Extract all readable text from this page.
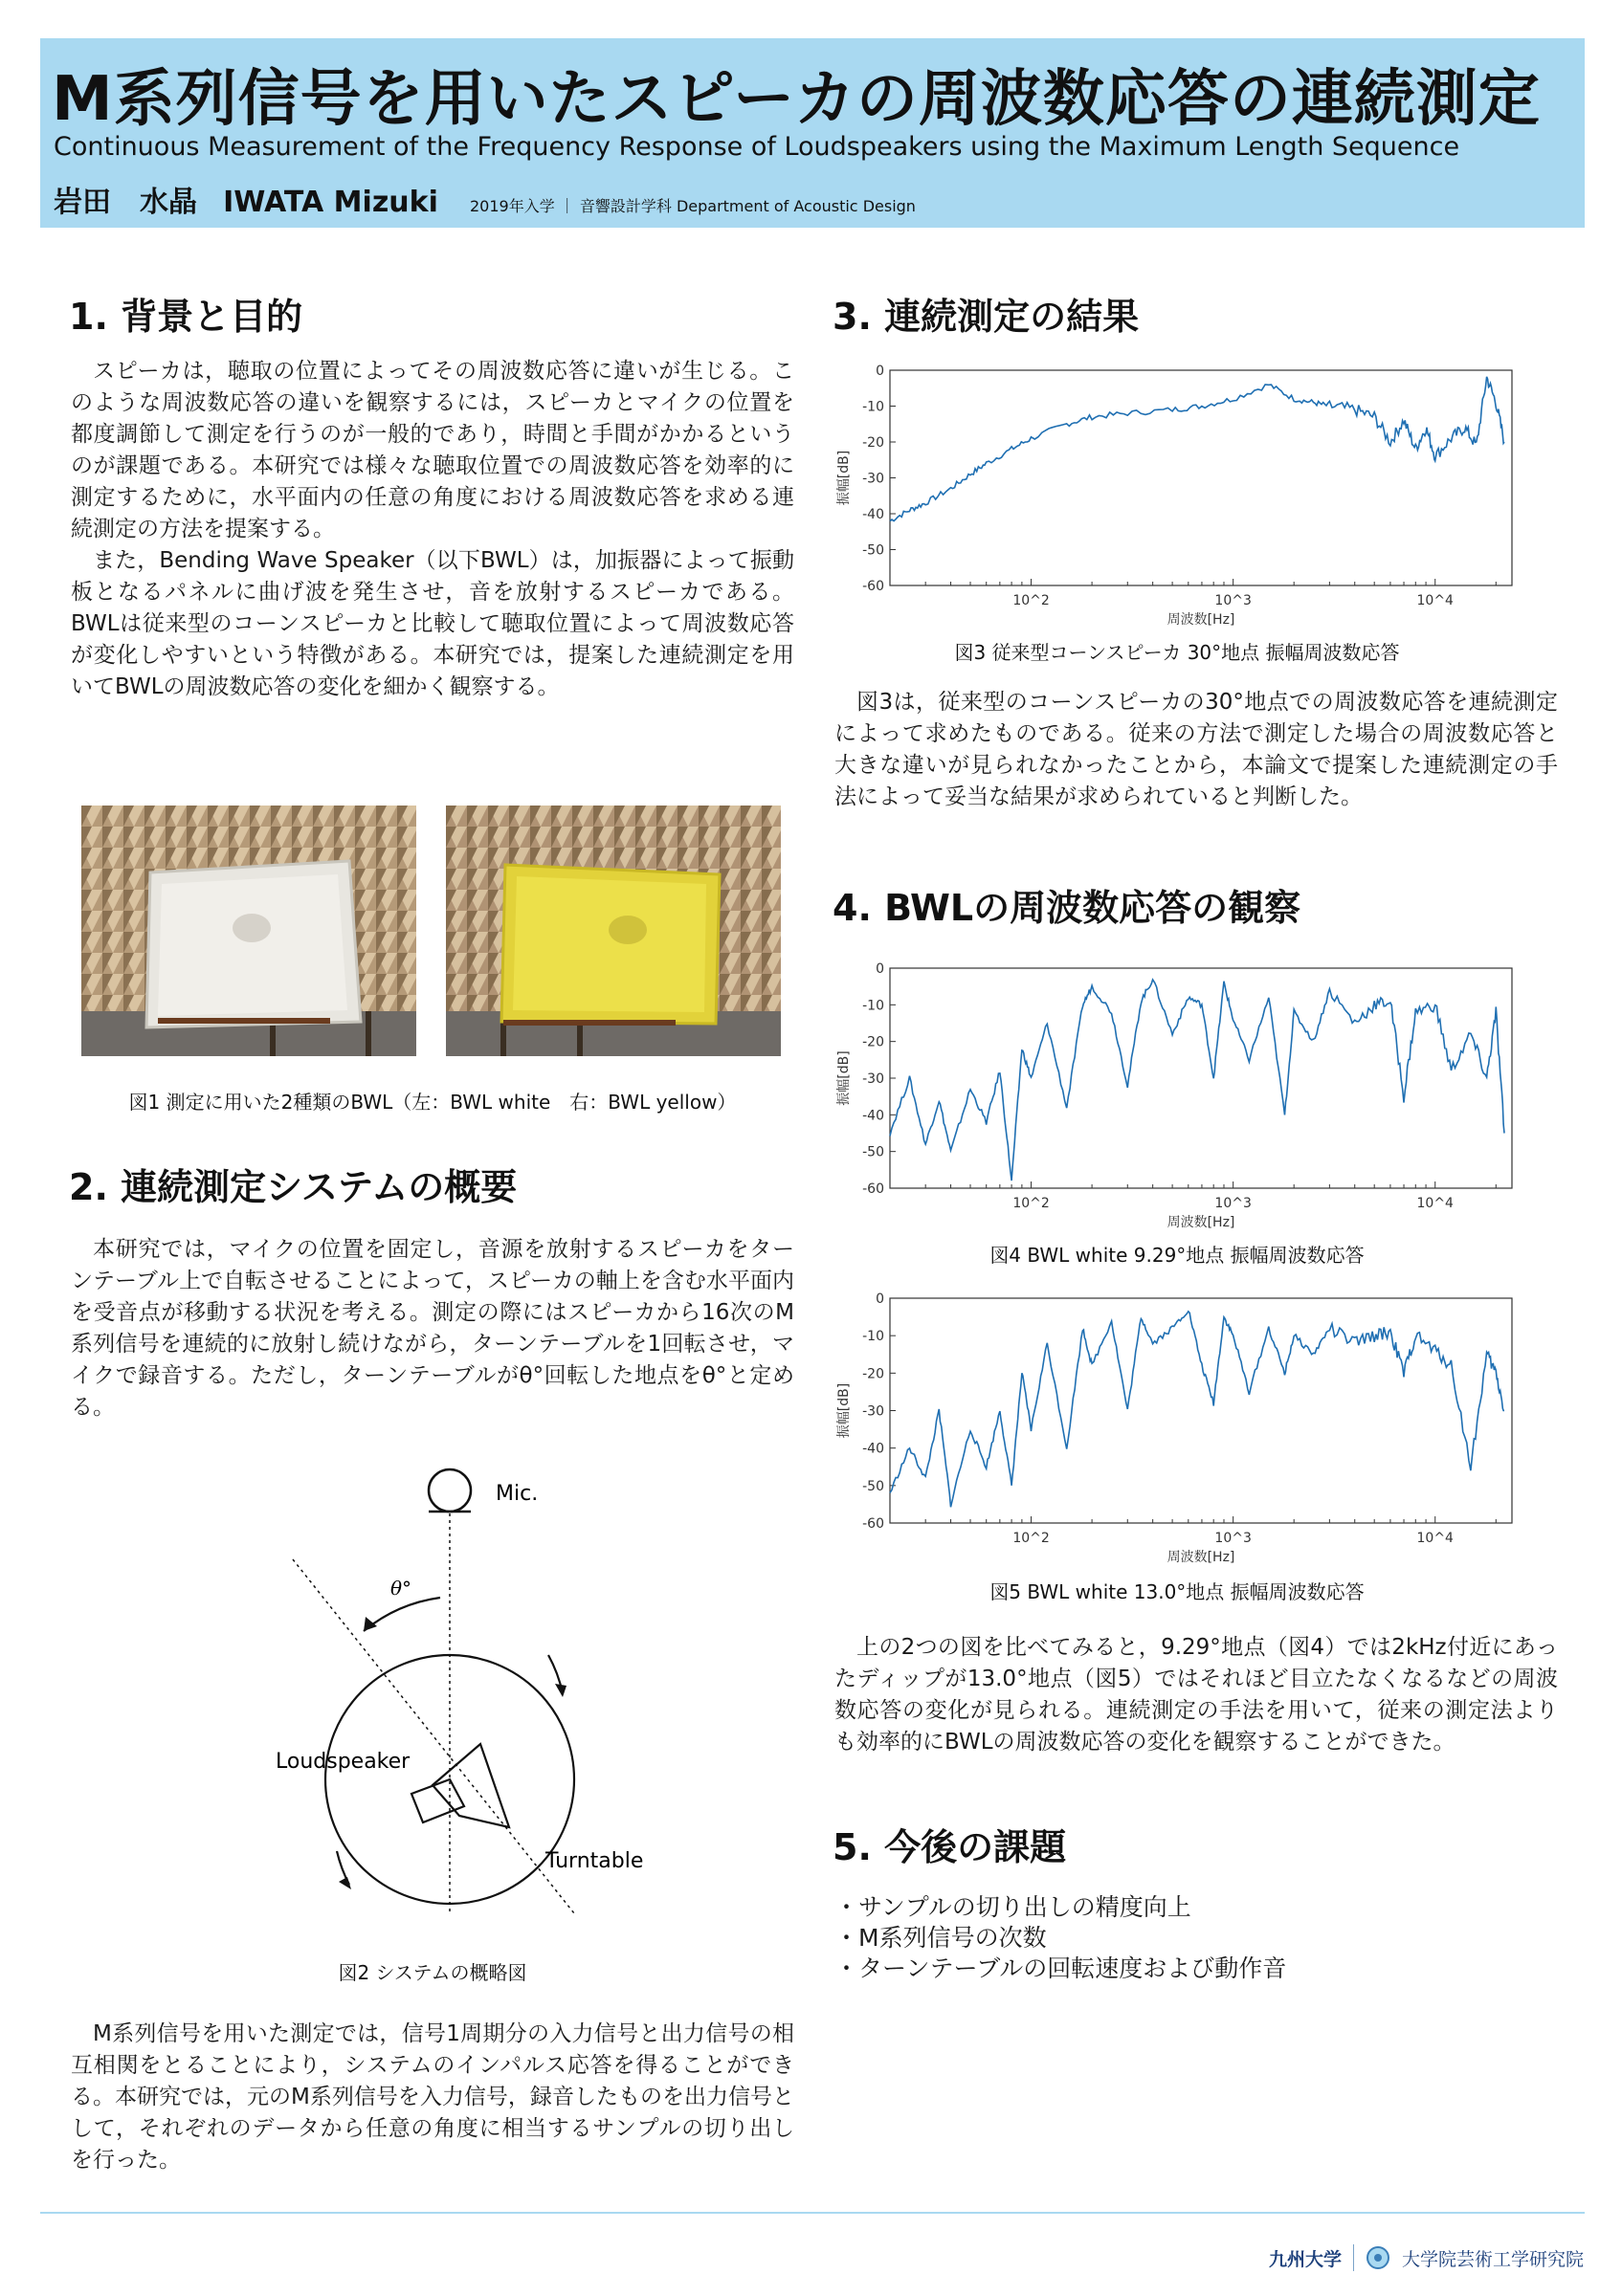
M系列信号を用いたスピーカの周波数応答の連続測定
Continuous Measurement of the Frequency Response of Loudspeakers using the Maximum Length Sequence
岩田　水晶 IWATA Mizuki 2019年入学 ｜ 音響設計学科 Department of Acoustic Design
1. 背景と目的

スピーカは，聴取の位置によってその周波数応答に違いが生じる。このような周波数応答の違いを観察するには，スピーカとマイクの位置を都度調節して測定を行うのが一般的であり，時間と手間がかかるというのが課題である。本研究では様々な聴取位置での周波数応答を効率的に測定するために，水平面内の任意の角度における周波数応答を求める連続測定の方法を提案する。

また，Bending Wave Speaker（以下BWL）は，加振器によって振動板となるパネルに曲げ波を発生させ，音を放射するスピーカである。BWLは従来型のコーンスピーカと比較して聴取位置によって周波数応答が変化しやすいという特徴がある。本研究では，提案した連続測定を用いてBWLの周波数応答の変化を細かく観察する。

図1 測定に用いた2種類のBWL（左：BWL white　右：BWL yellow）
2. 連続測定システムの概要

本研究では，マイクの位置を固定し，音源を放射するスピーカをターンテーブル上で自転させることによって，スピーカの軸上を含む水平面内を受音点が移動する状況を考える。測定の際にはスピーカから16次のM系列信号を連続的に放射し続けながら，ターンテーブルを1回転させ，マイクで録音する。ただし，ターンテーブルがθ°回転した地点をθ°と定める。

Mic.
θ°
Loudspeaker
Turntable
図2 システムの概略図

M系列信号を用いた測定では，信号1周期分の入力信号と出力信号の相互相関をとることにより，システムのインパルス応答を得ることができる。本研究では，元のM系列信号を入力信号，録音したものを出力信号として，それぞれのデータから任意の角度に相当するサンプルの切り出しを行った。

3. 連続測定の結果
0
-10
-20
-30
-40
-50
-60
10^2	10^3	10^4
周波数[Hz]
振幅[dB]
図3 従来型コーンスピーカ 30°地点 振幅周波数応答

図3は，従来型のコーンスピーカの30°地点での周波数応答を連続測定によって求めたものである。従来の方法で測定した場合の周波数応答と大きな違いが見られなかったことから，本論文で提案した連続測定の手法によって妥当な結果が求められていると判断した。

4. BWLの周波数応答の観察
0
-10
-20
-30
-40
-50
-60
10^2	10^3	10^4
周波数[Hz]
振幅[dB]
図4 BWL white 9.29°地点 振幅周波数応答
0
-10
-20
-30
-40
-50
-60
10^2	10^3	10^4
周波数[Hz]
振幅[dB]
図5 BWL white 13.0°地点 振幅周波数応答

上の2つの図を比べてみると，9.29°地点（図4）では2kHz付近にあったディップが13.0°地点（図5）ではそれほど目立たなくなるなどの周波数応答の変化が見られる。連続測定の手法を用いて，従来の測定法よりも効率的にBWLの周波数応答の変化を観察することができた。

5. 今後の課題
・サンプルの切り出しの精度向上
・M系列信号の次数
・ターンテーブルの回転速度および動作音
九州大学	大学院芸術工学研究院
